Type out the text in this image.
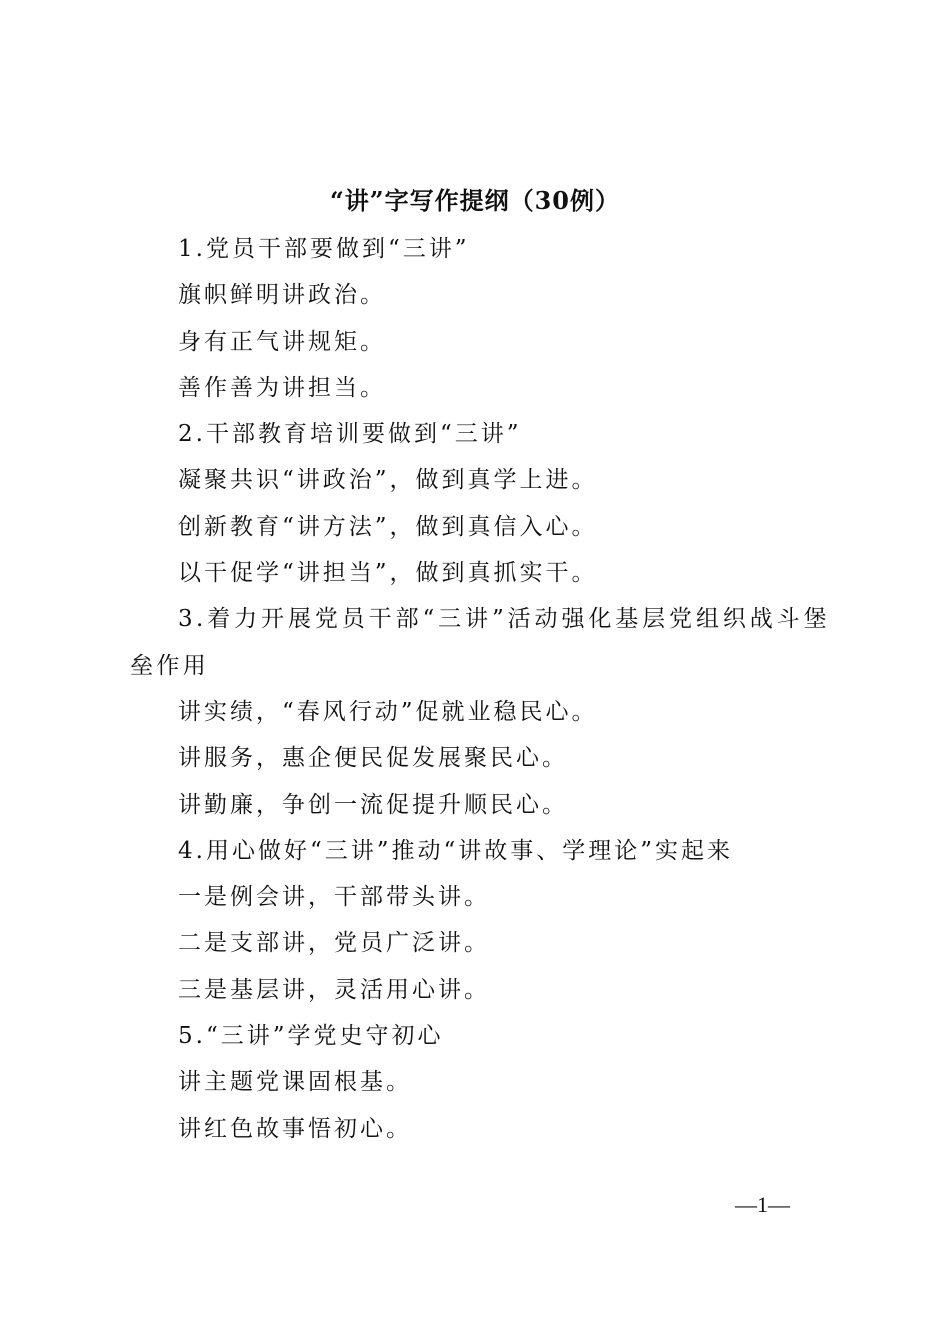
“讲”字写作提纲（30例）
1.党员干部要做到“三讲”
旗帜鲜明讲政治。
身有正气讲规矩。
善作善为讲担当。
2.干部教育培训要做到“三讲”
凝聚共识“讲政治”，做到真学上进。
创新教育“讲方法”，做到真信入心。
以干促学“讲担当”，做到真抓实干。
3.着力开展党员干部“三讲”活动强化基层党组织战斗堡垒作用
讲实绩，“春风行动”促就业稳民心。
讲服务，惠企便民促发展聚民心。
讲勤廉，争创一流促提升顺民心。
4.用心做好“三讲”推动“讲故事、学理论”实起来
一是例会讲，干部带头讲。
二是支部讲，党员广泛讲。
三是基层讲，灵活用心讲。
5.“三讲”学党史守初心
讲主题党课固根基。
讲红色故事悟初心。
—1—
